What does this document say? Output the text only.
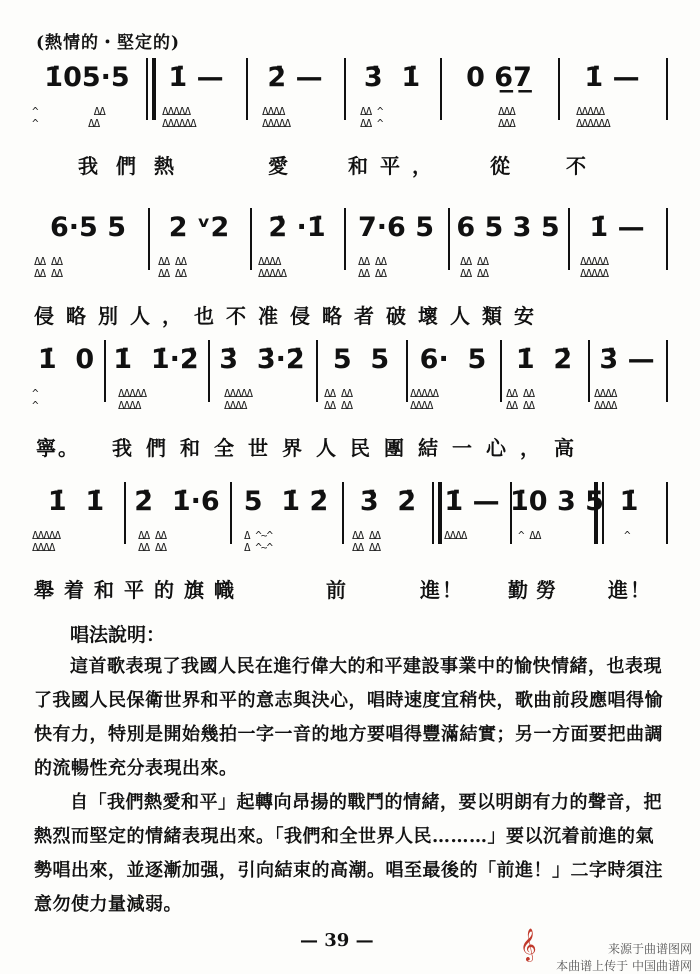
(熱情的・堅定的)
1̇05·5	1̇ —	2̇ —	3̇  1̇	0 6̲7̲	1̇ —
^
^
ΔΔ
ΔΔ
ΔΔΔΔΔ
ΔΔΔΔΔΔ
ΔΔΔΔ
ΔΔΔΔΔ
ΔΔ ^
ΔΔ ^
ΔΔΔ
ΔΔΔ
ΔΔΔΔΔ
ΔΔΔΔΔΔ
我們熱	愛	和平， 從	不
6·5 5	2 ᵛ2	2̇ ·1̇	7·6 5 6 5 3 5	1̇ —
ΔΔ ΔΔ
ΔΔ ΔΔ
ΔΔ ΔΔ
ΔΔ ΔΔ
ΔΔΔΔ
ΔΔΔΔΔ
ΔΔ ΔΔ
ΔΔ ΔΔ
ΔΔ ΔΔ
ΔΔ ΔΔ
ΔΔΔΔΔ
ΔΔΔΔΔ
侵略別人，也不准侵略者破壞人類安
1̇  0 1̇  1̇·2̇ 3̇  3̇·2̇	5  5	6·  5	1̇  2̇	3̇ —
^
^
ΔΔΔΔΔ
ΔΔΔΔ
ΔΔΔΔΔ
ΔΔΔΔ
ΔΔ ΔΔ
ΔΔ ΔΔ
ΔΔΔΔΔ
ΔΔΔΔ
ΔΔ ΔΔ
ΔΔ ΔΔ
ΔΔΔΔ
ΔΔΔΔ
寧。 我們和全世界人民團結一心，高
1̇  1̇	2̇  1̇·6 5  1̇ 2̇	3̇  2̇	1̇ — 1̇0 3 5 1̇
ΔΔΔΔΔ
ΔΔΔΔ
ΔΔ ΔΔ
ΔΔ ΔΔ
Δ ^~^
Δ ^~^
ΔΔ ΔΔ
ΔΔ ΔΔ
ΔΔΔΔ	^ ΔΔ	^

舉着和平的旗幟	前	進！ 勤勞 進！
唱法說明：
這首歌表現了我國人民在進行偉大的和平建設事業中的愉快情緒，也表現了我國人民保衛世界和平的意志與決心，唱時速度宜稍快，歌曲前段應唱得愉快有力，特別是開始幾拍一字一音的地方要唱得豐滿結實；另一方面要把曲調的流暢性充分表現出來。
自「我們熱愛和平」起轉向昂揚的戰鬥的情緒，要以明朗有力的聲音，把熱烈而堅定的情緒表現出來。「我們和全世界人民………」要以沉着前進的氣勢唱出來，並逐漸加强，引向結束的高潮。唱至最後的「前進！」二字時須注意勿使力量減弱。
— 39 —	𝄞	来源于曲谱图网
本曲谱上传于 中国曲谱网
